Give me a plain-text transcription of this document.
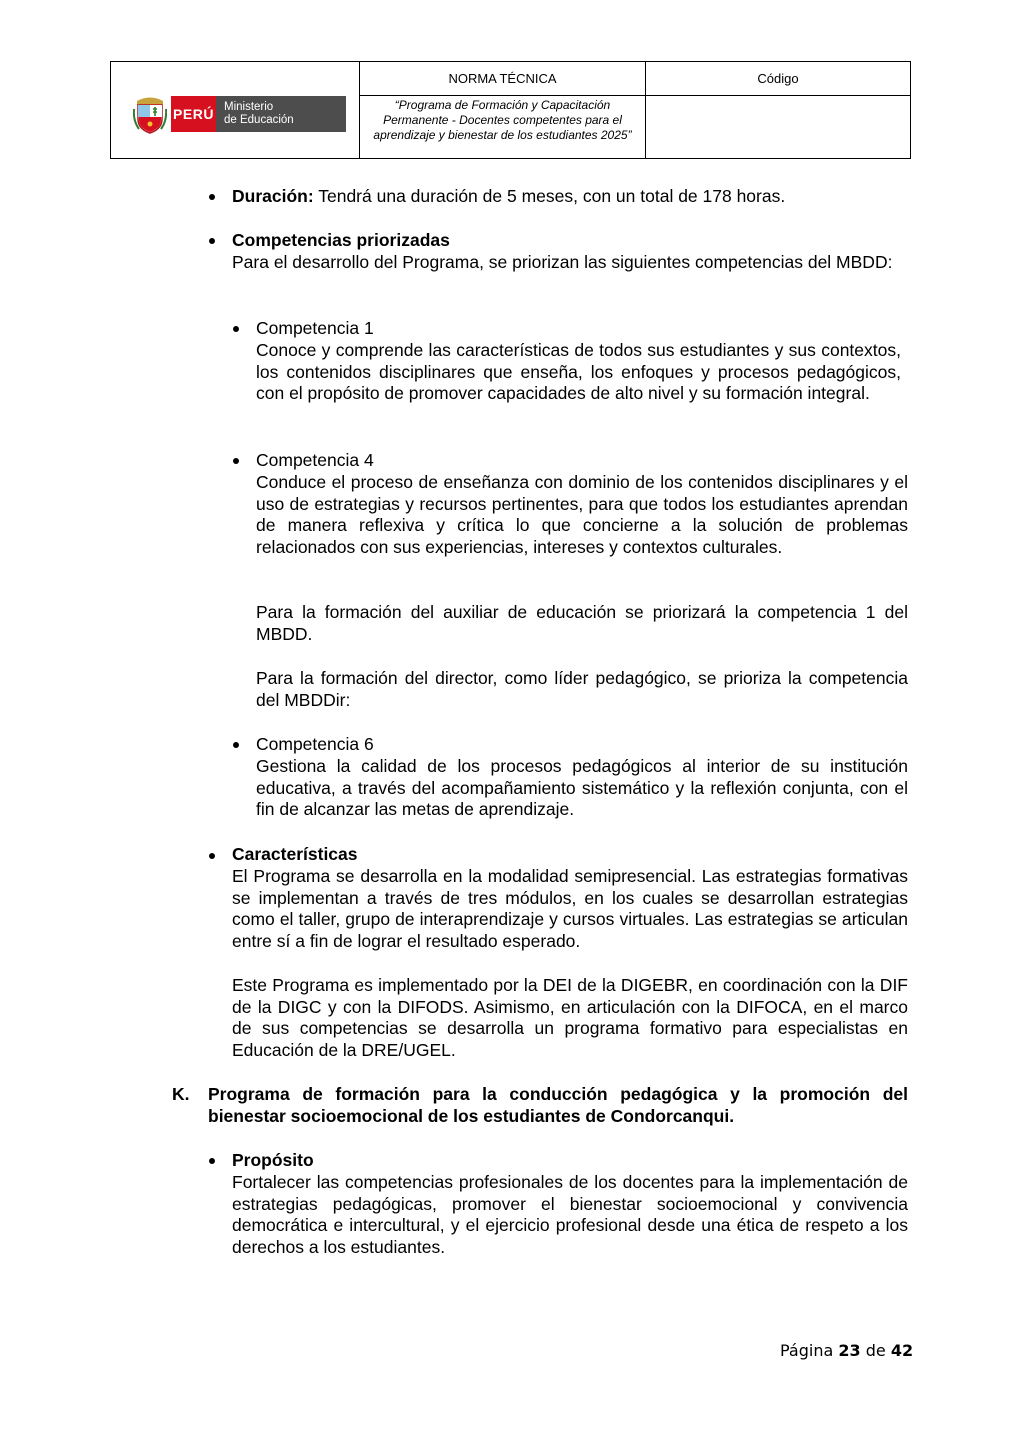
PERÚ Ministerio
de Educación
NORMA TÉCNICA	Código
“Programa de Formación y Capacitación Permanente - Docentes competentes para el aprendizaje y bienestar de los estudiantes 2025”
Duración: Tendrá una duración de 5 meses, con un total de 178 horas.
Competencias priorizadas
Para el desarrollo del Programa, se priorizan las siguientes competencias del MBDD:
Competencia 1
Conoce y comprende las características de todos sus estudiantes y sus contextos, los contenidos disciplinares que enseña, los enfoques y procesos pedagógicos, con el propósito de promover capacidades de alto nivel y su formación integral.
Competencia 4
Conduce el proceso de enseñanza con dominio de los contenidos disciplinares y el uso de estrategias y recursos pertinentes, para que todos los estudiantes aprendan de manera reflexiva y crítica lo que concierne a la solución de problemas relacionados con sus experiencias, intereses y contextos culturales.
Para la formación del auxiliar de educación se priorizará la competencia 1 del MBDD.
Para la formación del director, como líder pedagógico, se prioriza la competencia del MBDDir:
Competencia 6
Gestiona la calidad de los procesos pedagógicos al interior de su institución educativa, a través del acompañamiento sistemático y la reflexión conjunta, con el fin de alcanzar las metas de aprendizaje.
Características
El Programa se desarrolla en la modalidad semipresencial. Las estrategias formativas se implementan a través de tres módulos, en los cuales se desarrollan estrategias como el taller, grupo de interaprendizaje y cursos virtuales. Las estrategias se articulan entre sí a fin de lograr el resultado esperado.
Este Programa es implementado por la DEI de la DIGEBR, en coordinación con la DIF de la DIGC y con la DIFODS. Asimismo, en articulación con la DIFOCA, en el marco de sus competencias se desarrolla un programa formativo para especialistas en Educación de la DRE/UGEL.
K. Programa de formación para la conducción pedagógica y la promoción del bienestar socioemocional de los estudiantes de Condorcanqui.
Propósito
Fortalecer las competencias profesionales de los docentes para la implementación de estrategias pedagógicas, promover el bienestar socioemocional y convivencia democrática e intercultural, y el ejercicio profesional desde una ética de respeto a los derechos a los estudiantes.
Página 23 de 42
